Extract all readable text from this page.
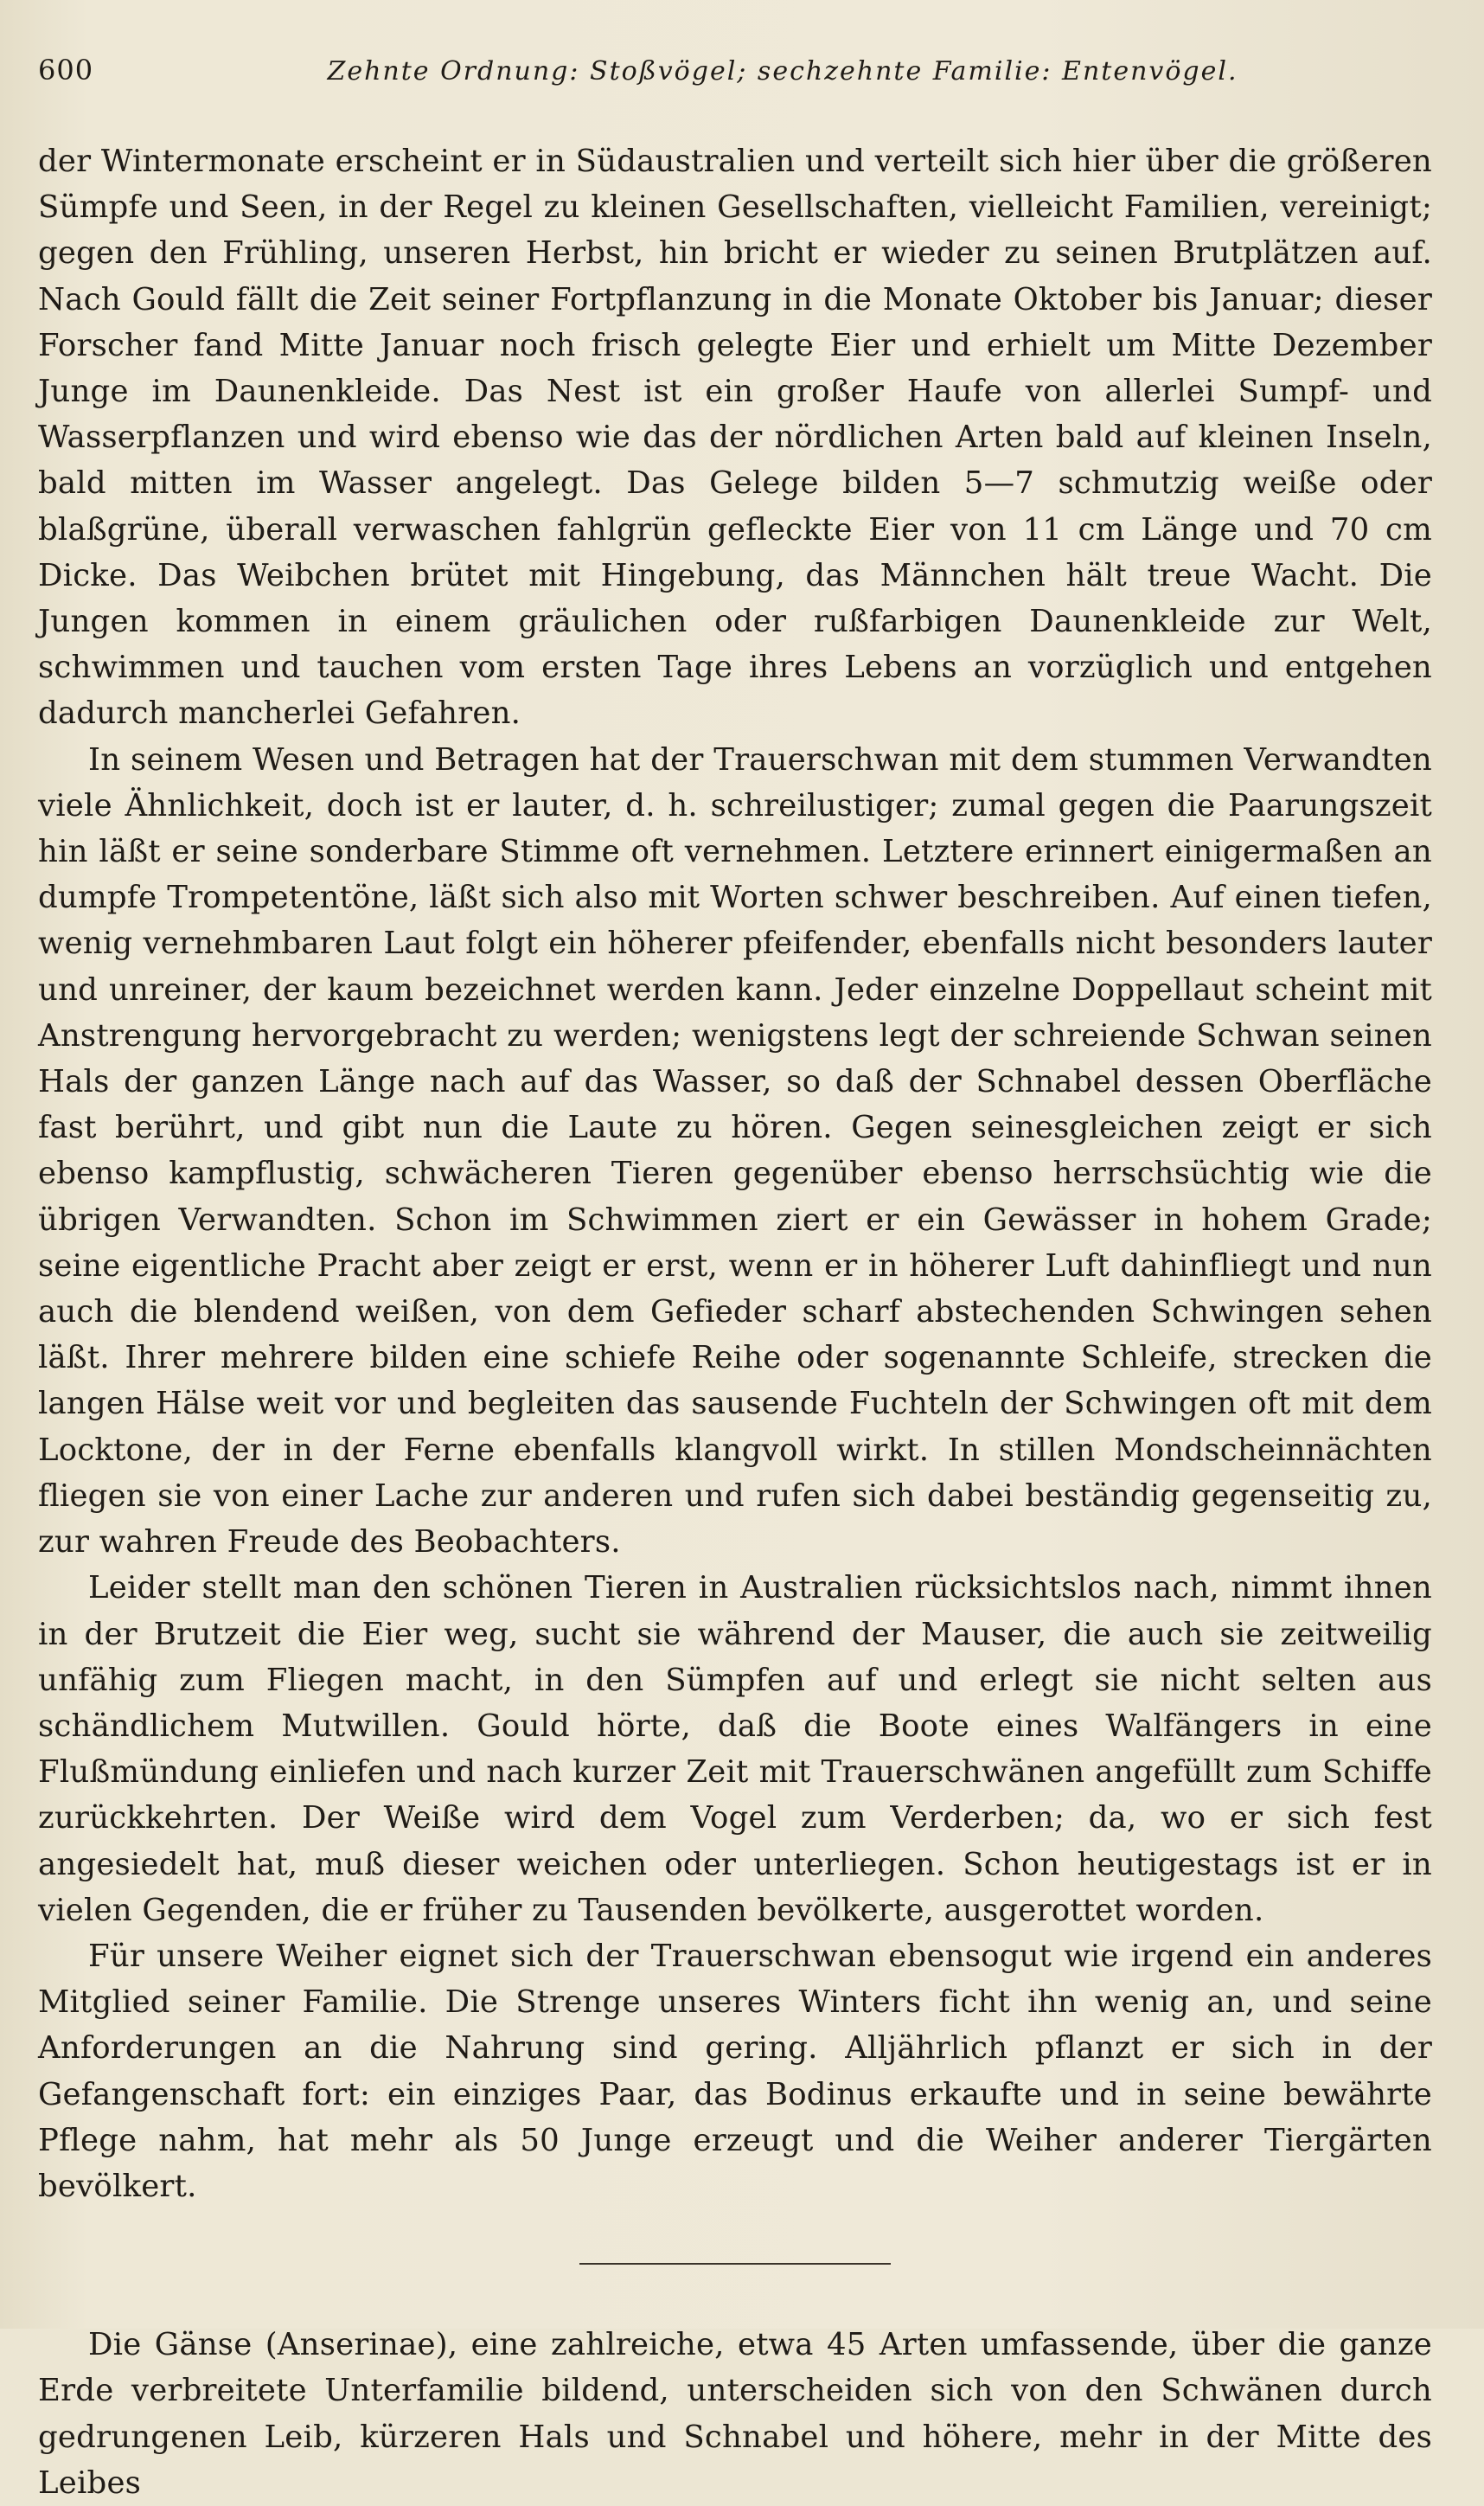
600	Zehnte Ordnung: Stoßvögel; sechzehnte Familie: Entenvögel.

der Wintermonate erscheint er in Südaustralien und verteilt sich hier über die größeren Sümpfe und Seen, in der Regel zu kleinen Gesellschaften, vielleicht Familien, vereinigt; gegen den Frühling, unseren Herbst, hin bricht er wieder zu seinen Brutplätzen auf. Nach Gould fällt die Zeit seiner Fortpflanzung in die Monate Oktober bis Januar; dieser Forscher fand Mitte Januar noch frisch gelegte Eier und erhielt um Mitte Dezember Junge im Daunenkleide. Das Nest ist ein großer Haufe von allerlei Sumpf- und Wasserpflanzen und wird ebenso wie das der nördlichen Arten bald auf kleinen Inseln, bald mitten im Wasser angelegt. Das Gelege bilden 5—7 schmutzig weiße oder blaßgrüne, überall verwaschen fahlgrün gefleckte Eier von 11 cm Länge und 70 cm Dicke. Das Weibchen brütet mit Hingebung, das Männchen hält treue Wacht. Die Jungen kommen in einem gräulichen oder rußfarbigen Daunenkleide zur Welt, schwimmen und tauchen vom ersten Tage ihres Lebens an vorzüglich und entgehen dadurch mancherlei Gefahren.

In seinem Wesen und Betragen hat der Trauerschwan mit dem stummen Verwandten viele Ähnlichkeit, doch ist er lauter, d. h. schreilustiger; zumal gegen die Paarungszeit hin läßt er seine sonderbare Stimme oft vernehmen. Letztere erinnert einigermaßen an dumpfe Trompetentöne, läßt sich also mit Worten schwer beschreiben. Auf einen tiefen, wenig vernehmbaren Laut folgt ein höherer pfeifender, ebenfalls nicht besonders lauter und unreiner, der kaum bezeichnet werden kann. Jeder einzelne Doppellaut scheint mit Anstrengung hervorgebracht zu werden; wenigstens legt der schreiende Schwan seinen Hals der ganzen Länge nach auf das Wasser, so daß der Schnabel dessen Oberfläche fast berührt, und gibt nun die Laute zu hören. Gegen seinesgleichen zeigt er sich ebenso kampflustig, schwächeren Tieren gegenüber ebenso herrschsüchtig wie die übrigen Verwandten. Schon im Schwimmen ziert er ein Gewässer in hohem Grade; seine eigentliche Pracht aber zeigt er erst, wenn er in höherer Luft dahinfliegt und nun auch die blendend weißen, von dem Gefieder scharf abstechenden Schwingen sehen läßt. Ihrer mehrere bilden eine schiefe Reihe oder sogenannte Schleife, strecken die langen Hälse weit vor und begleiten das sausende Fuchteln der Schwingen oft mit dem Locktone, der in der Ferne ebenfalls klangvoll wirkt. In stillen Mondscheinnächten fliegen sie von einer Lache zur anderen und rufen sich dabei beständig gegenseitig zu, zur wahren Freude des Beobachters.

Leider stellt man den schönen Tieren in Australien rücksichtslos nach, nimmt ihnen in der Brutzeit die Eier weg, sucht sie während der Mauser, die auch sie zeitweilig unfähig zum Fliegen macht, in den Sümpfen auf und erlegt sie nicht selten aus schändlichem Mutwillen. Gould hörte, daß die Boote eines Walfängers in eine Flußmündung einliefen und nach kurzer Zeit mit Trauerschwänen angefüllt zum Schiffe zurückkehrten. Der Weiße wird dem Vogel zum Verderben; da, wo er sich fest angesiedelt hat, muß dieser weichen oder unterliegen. Schon heutigestags ist er in vielen Gegenden, die er früher zu Tausenden bevölkerte, ausgerottet worden.

Für unsere Weiher eignet sich der Trauerschwan ebensogut wie irgend ein anderes Mitglied seiner Familie. Die Strenge unseres Winters ficht ihn wenig an, und seine Anforderungen an die Nahrung sind gering. Alljährlich pflanzt er sich in der Gefangenschaft fort: ein einziges Paar, das Bodinus erkaufte und in seine bewährte Pflege nahm, hat mehr als 50 Junge erzeugt und die Weiher anderer Tiergärten bevölkert.

Die Gänse (Anserinae), eine zahlreiche, etwa 45 Arten umfassende, über die ganze Erde verbreitete Unterfamilie bildend, unterscheiden sich von den Schwänen durch gedrungenen Leib, kürzeren Hals und Schnabel und höhere, mehr in der Mitte des Leibes
